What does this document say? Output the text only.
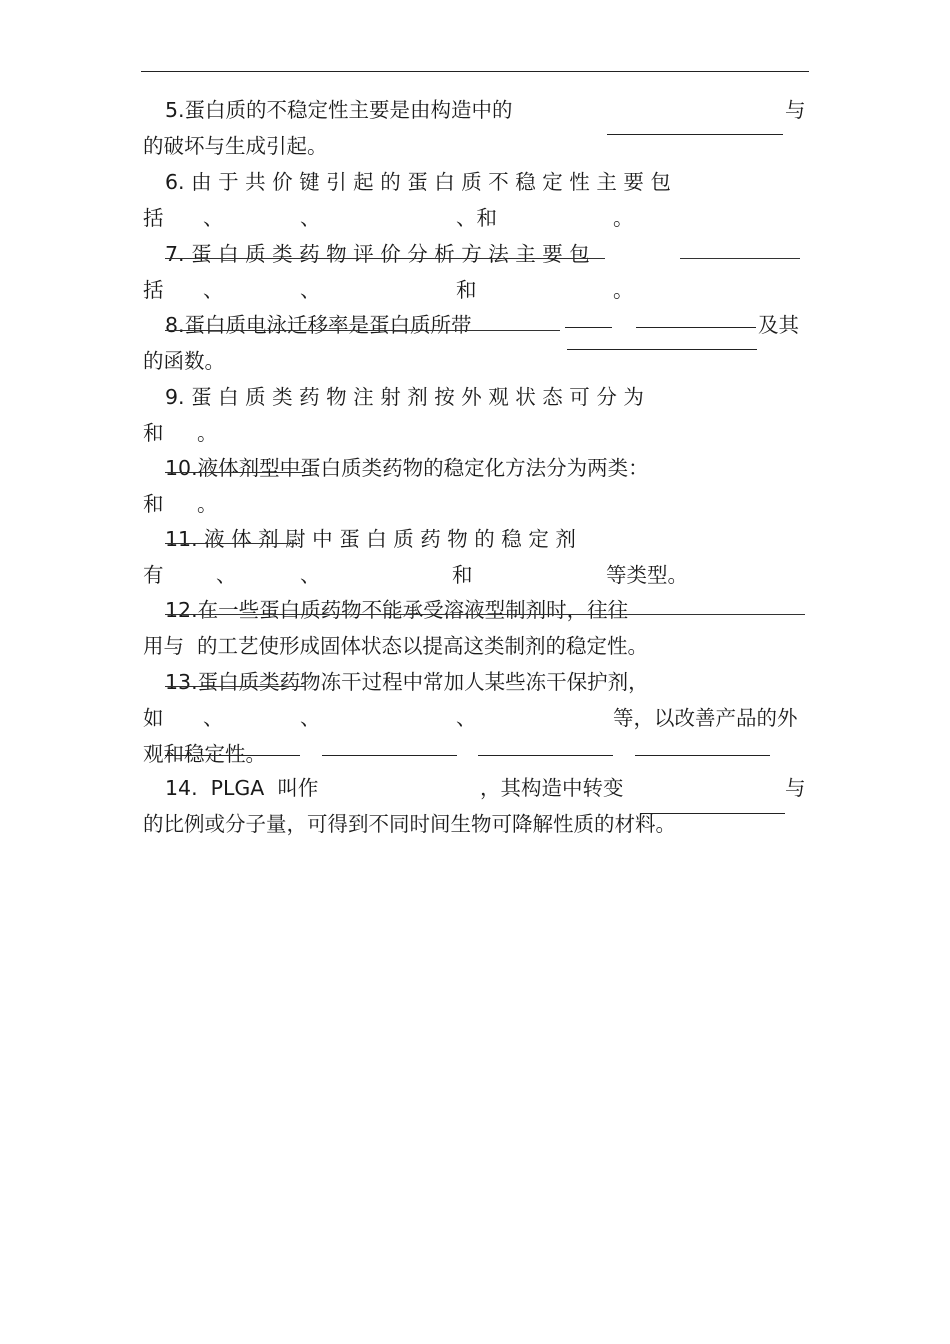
5.蛋白质的不稳定性主要是由构造中的	与
的破坏与生成引起。
6. 由 于 共 价 键 引 起 的 蛋 白 质 不 稳 定 性 主 要 包
括 、	、	、和	。
7. 蛋 白 质 类 药 物 评 价 分 析 方 法 主 要 包
括 、	、	和	。
8.蛋白质电泳迁移率是蛋白质所带	及其
的函数。
9. 蛋 白 质 类 药 物 注 射 剂 按 外 观 状 态 可 分 为
和 。
10.液体剂型中蛋白质类药物的稳定化方法分为两类：
和 。
11. 液 体 剂 尉 中 蛋 白 质 药 物 的 稳 定 剂
有	、	、	和	等类型。
12.在一些蛋白质药物不能承受溶液型制剂时，往往
用与  的工艺使形成固体状态以提高这类制剂的稳定性。
13.蛋白质类药物冻干过程中常加人某些冻干保护剂，
如 、	、	、	等，以改善产品的外
观和稳定性。
14.  PLGA  叫作	，其构造中转变	与
的比例或分子量，可得到不同时间生物可降解性质的材料。
